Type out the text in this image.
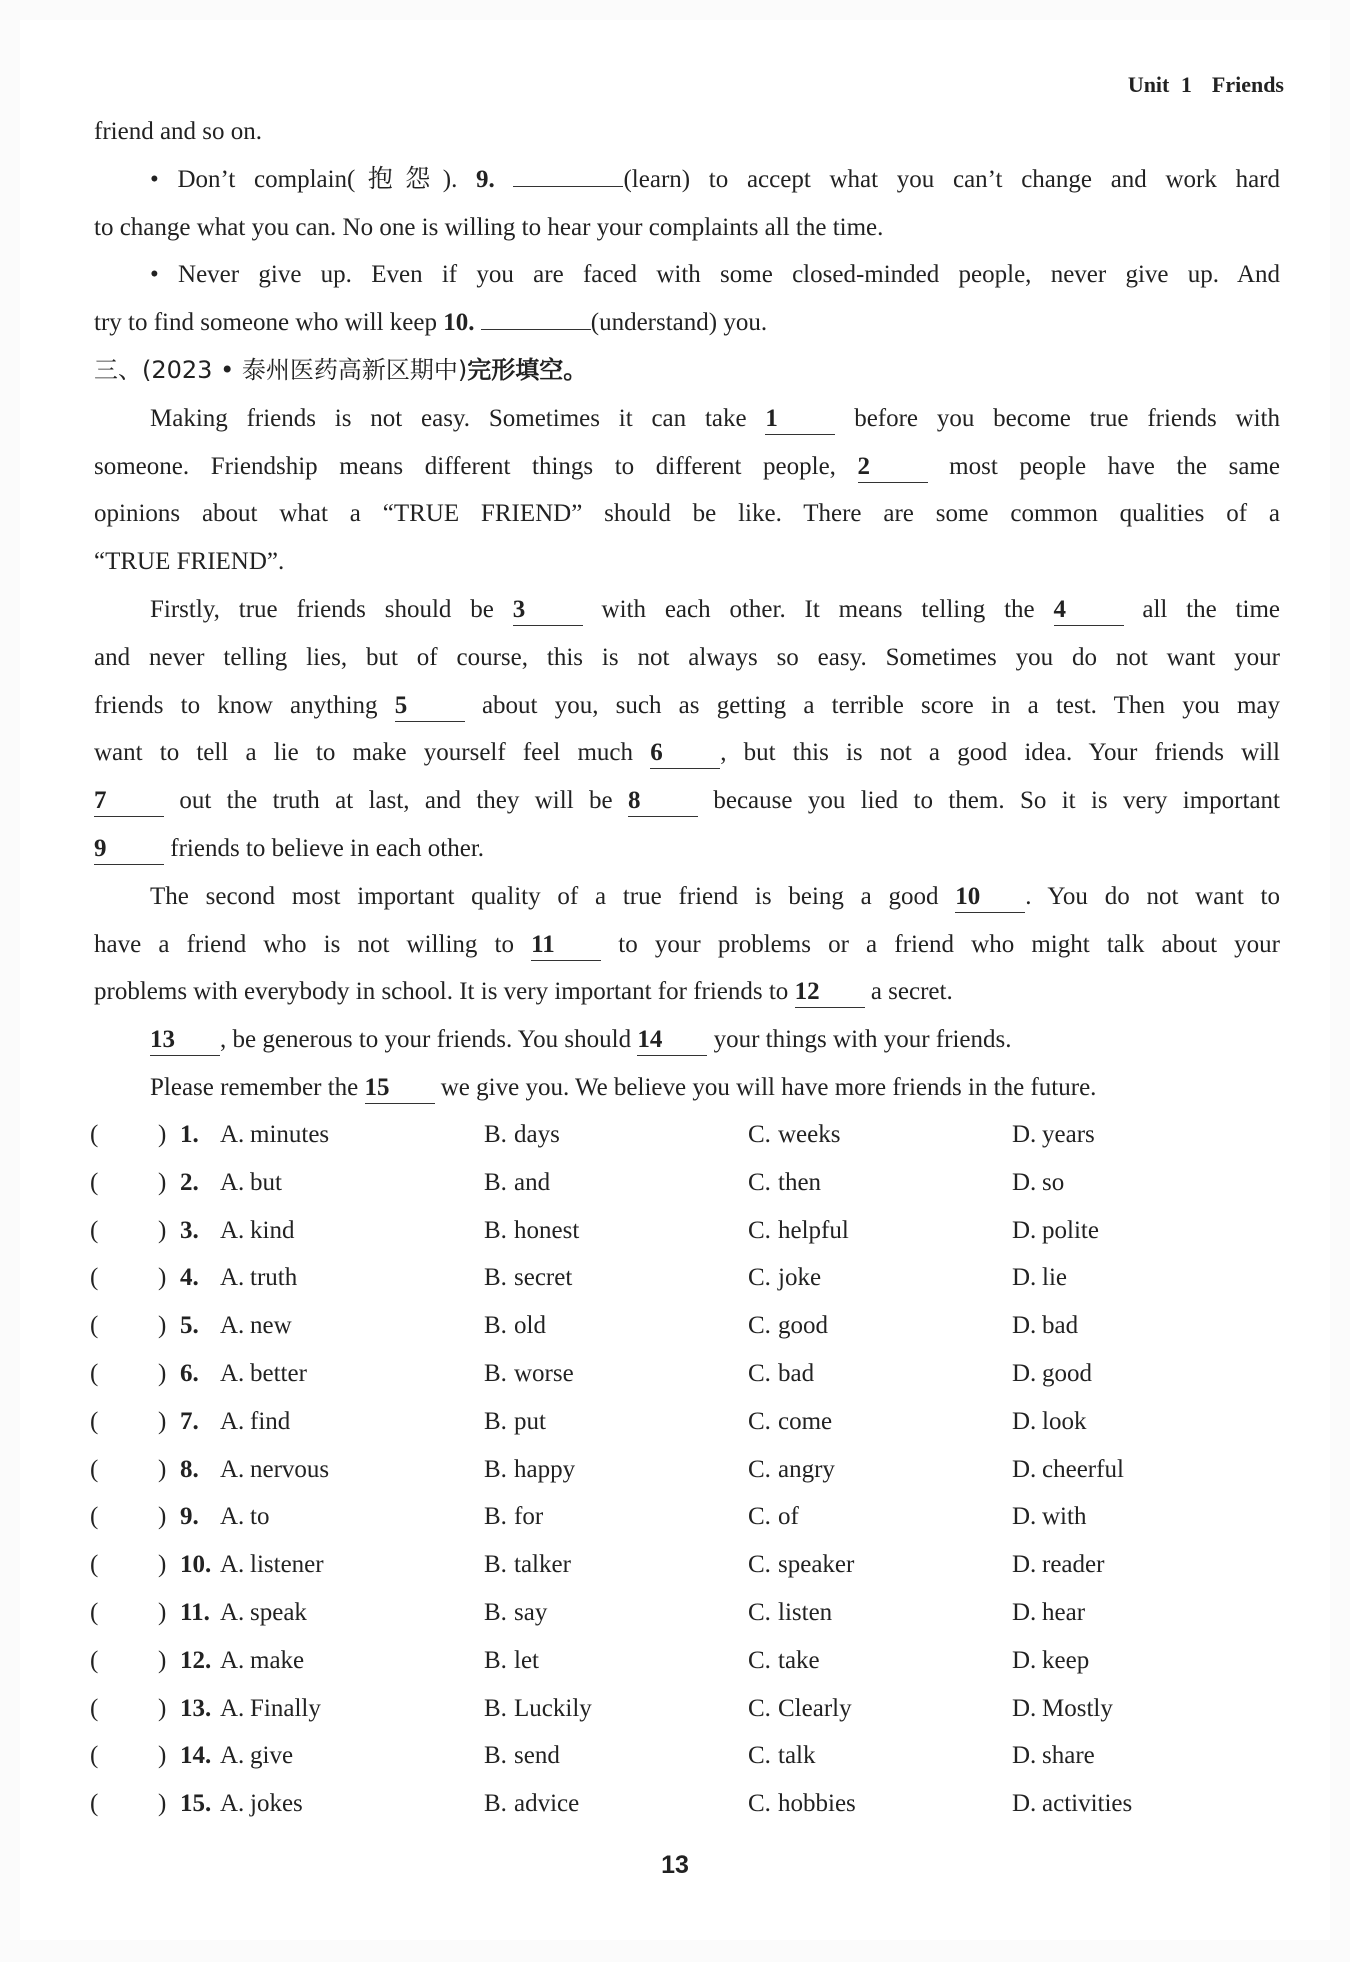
Unit 1 Friends
friend and so on.
• Don’t complain(抱怨). 9.	(learn) to accept what you can’t change and work hard
to change what you can. No one is willing to hear your complaints all the time.
• Never give up. Even if you are faced with some closed-minded people, never give up. And
try to find someone who will keep 10.	(understand) you.
三、(2023 • 泰州医药高新区期中)完形填空。
Making friends is not easy. Sometimes it can take 1 before you become true friends with
someone. Friendship means different things to different people, 2 most people have the same
opinions about what a “TRUE FRIEND” should be like. There are some common qualities of a
“TRUE FRIEND”.
Firstly, true friends should be 3 with each other. It means telling the 4 all the time
and never telling lies, but of course, this is not always so easy. Sometimes you do not want your
friends to know anything 5 about you, such as getting a terrible score in a test. Then you may
want to tell a lie to make yourself feel much 6 , but this is not a good idea. Your friends will
7 out the truth at last, and they will be 8 because you lied to them. So it is very important
9 friends to believe in each other.
The second most important quality of a true friend is being a good 10 . You do not want to
have a friend who is not willing to 11 to your problems or a friend who might talk about your
problems with everybody in school. It is very important for friends to 12 a secret.
13 , be generous to your friends. You should 14 your things with your friends.
Please remember the 15 we give you. We believe you will have more friends in the future.
( ) 1. A. minutes	B. days	C. weeks	D. years
( ) 2. A. but	B. and	C. then	D. so
( ) 3. A. kind	B. honest	C. helpful	D. polite
( ) 4. A. truth	B. secret	C. joke	D. lie
( ) 5. A. new	B. old	C. good	D. bad
( ) 6. A. better	B. worse	C. bad	D. good
( ) 7. A. find	B. put	C. come	D. look
( ) 8. A. nervous	B. happy	C. angry	D. cheerful
( ) 9. A. to	B. for	C. of	D. with
( ) 10. A. listener	B. talker	C. speaker	D. reader
( ) 11. A. speak	B. say	C. listen	D. hear
( ) 12. A. make	B. let	C. take	D. keep
( ) 13. A. Finally	B. Luckily	C. Clearly	D. Mostly
( ) 14. A. give	B. send	C. talk	D. share
( ) 15. A. jokes	B. advice	C. hobbies	D. activities
13
